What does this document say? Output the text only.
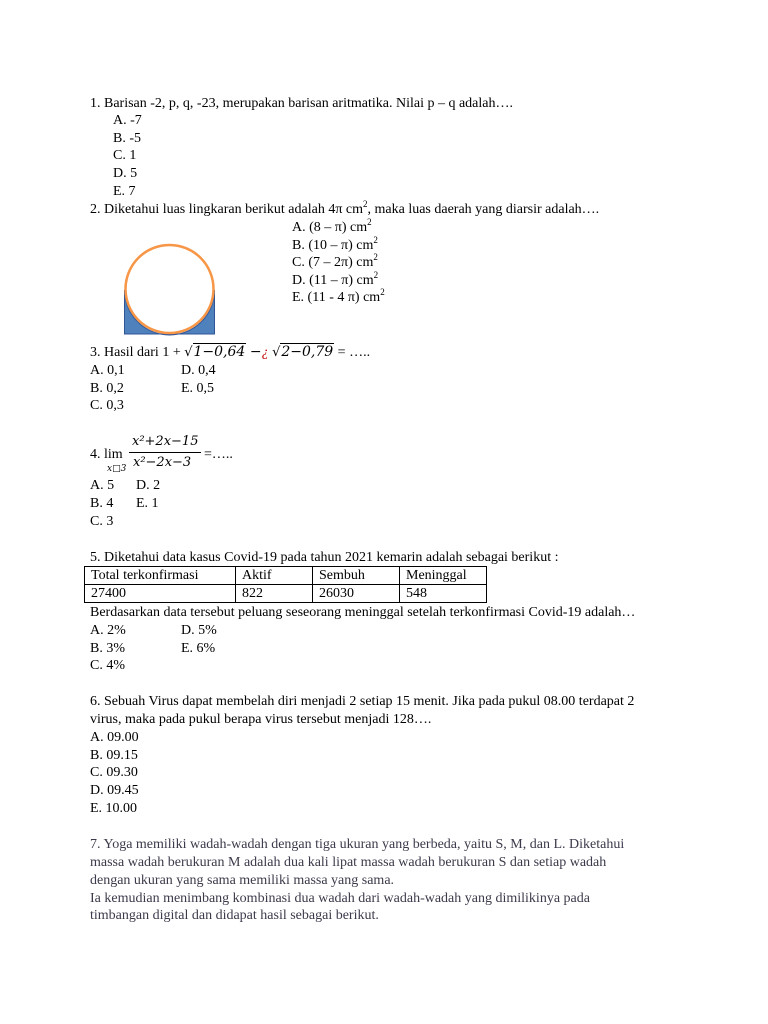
1. Barisan -2, p, q, -23, merupakan barisan aritmatika. Nilai p – q adalah….
A. -7
B. -5
C. 1
D. 5
E. 7
2. Diketahui luas lingkaran berikut adalah 4π $cm^2$, maka luas daerah yang diarsir adalah….
A. (8 – π) $cm^2$
B. (10 – π) $cm^2$
C. (7 – 2π) $cm^2$
D. (11 – π) $cm^2$
E. (11 - 4 π) $cm^2$
3. Hasil dari 1 + √1−0,64 −¿ √2−0,79 = …..
A. 0,1	D. 0,4
B. 0,2	E. 0,5
C. 0,3
4. lim
x□3
x²+2x−15
x²−2x−3
=…..
A. 5 D. 2
B. 4 E. 1
C. 3
5. Diketahui data kasus Covid-19 pada tahun 2021 kemarin adalah sebagai berikut :
Total terkonfirmasi	Aktif	Sembuh	Meninggal
27400	822	26030	548
Berdasarkan data tersebut peluang seseorang meninggal setelah terkonfirmasi Covid-19 adalah…
A. 2%	D. 5%
B. 3%	E. 6%
C. 4%
6. Sebuah Virus dapat membelah diri menjadi 2 setiap 15 menit. Jika pada pukul 08.00 terdapat 2
virus, maka pada pukul berapa virus tersebut menjadi 128….
A. 09.00
B. 09.15
C. 09.30
D. 09.45
E. 10.00
7. Yoga memiliki wadah-wadah dengan tiga ukuran yang berbeda, yaitu S, M, dan L. Diketahui
massa wadah berukuran M adalah dua kali lipat massa wadah berukuran S dan setiap wadah
dengan ukuran yang sama memiliki massa yang sama.
Ia kemudian menimbang kombinasi dua wadah dari wadah-wadah yang dimilikinya pada
timbangan digital dan didapat hasil sebagai berikut.
